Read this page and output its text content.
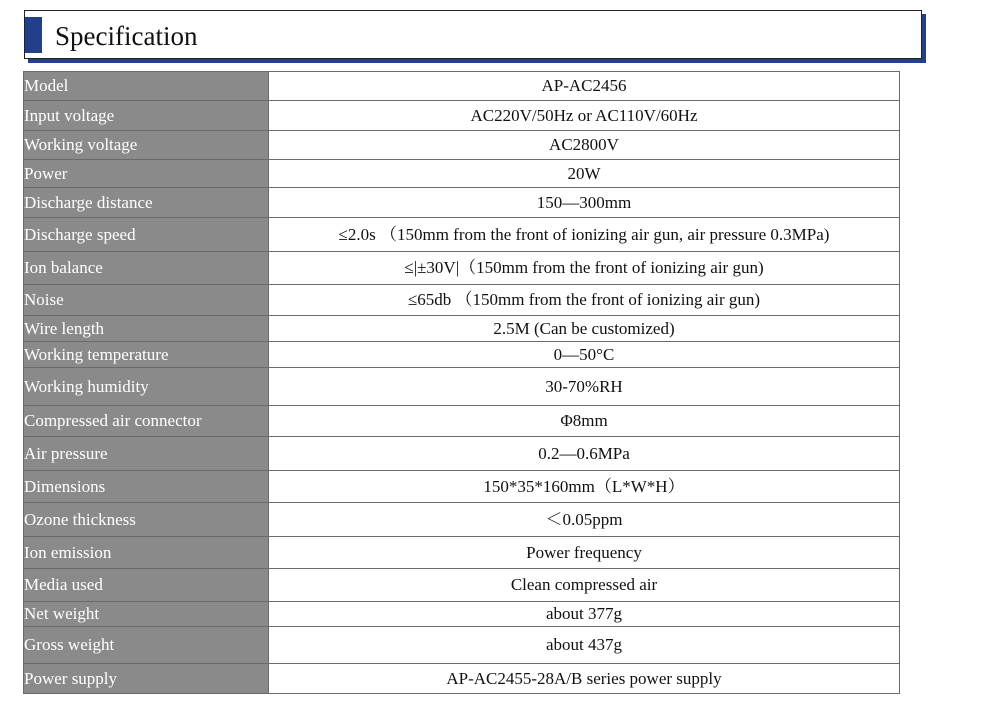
Specification
Model	AP-AC2456
Input voltage	AC220V/50Hz or AC110V/60Hz
Working voltage	AC2800V
Power	20W
Discharge distance	150—300mm
Discharge speed	≤2.0s （150mm from the front of ionizing air gun, air pressure 0.3MPa)
Ion balance	≤|±30V|（150mm from the front of ionizing air gun)
Noise	≤65db （150mm from the front of ionizing air gun)
Wire length	2.5M (Can be customized)
Working temperature	0—50°C
Working humidity	30-70%RH
Compressed air connector	Φ8mm
Air pressure	0.2—0.6MPa
Dimensions	150*35*160mm（L*W*H）
Ozone thickness	＜0.05ppm
Ion emission	Power frequency
Media used	Clean compressed air
Net weight	about 377g
Gross weight	about 437g
Power supply	AP-AC2455-28A/B series power supply
